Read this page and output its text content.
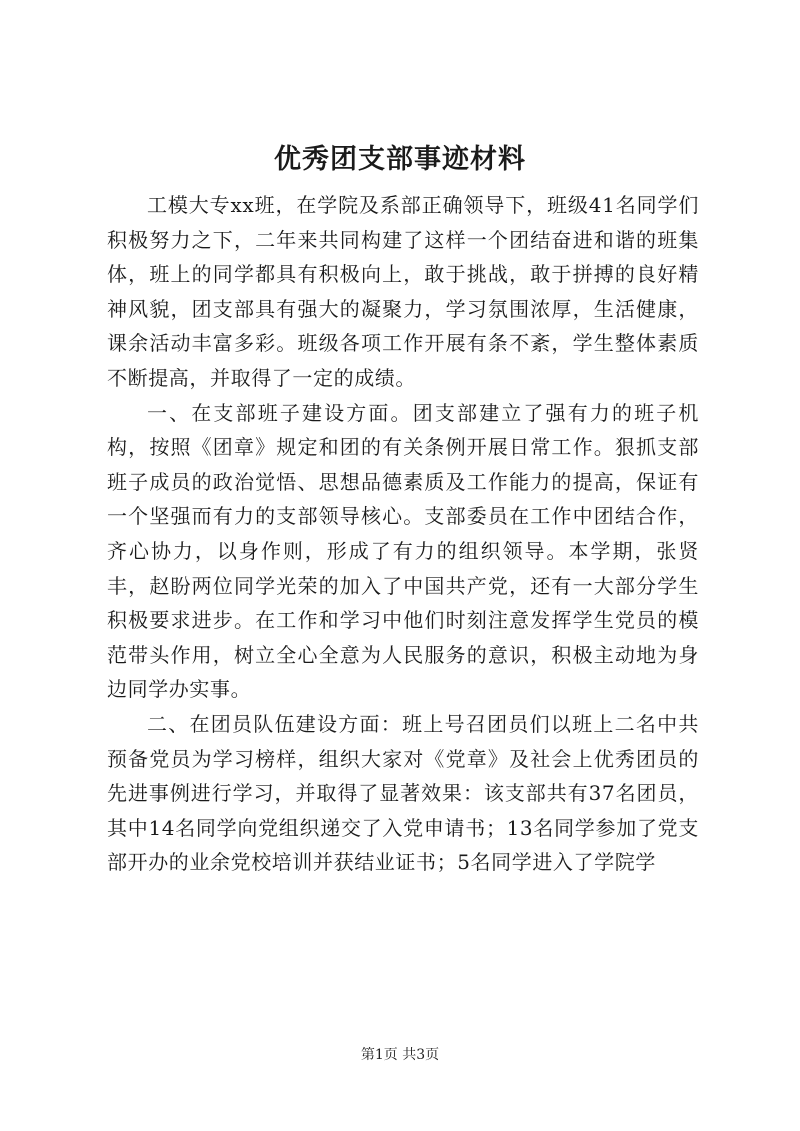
优秀团支部事迹材料

工模大专xx班，在学院及系部正确领导下，班级41名同学们积极努力之下，二年来共同构建了这样一个团结奋进和谐的班集体，班上的同学都具有积极向上，敢于挑战，敢于拼搏的良好精神风貌，团支部具有强大的凝聚力，学习氛围浓厚，生活健康，课余活动丰富多彩。班级各项工作开展有条不紊，学生整体素质不断提高，并取得了一定的成绩。

一、在支部班子建设方面。团支部建立了强有力的班子机构，按照《团章》规定和团的有关条例开展日常工作。狠抓支部班子成员的政治觉悟、思想品德素质及工作能力的提高，保证有一个坚强而有力的支部领导核心。支部委员在工作中团结合作，齐心协力，以身作则，形成了有力的组织领导。本学期，张贤丰，赵盼两位同学光荣的加入了中国共产党，还有一大部分学生积极要求进步。在工作和学习中他们时刻注意发挥学生党员的模范带头作用，树立全心全意为人民服务的意识，积极主动地为身边同学办实事。

二、在团员队伍建设方面：班上号召团员们以班上二名中共预备党员为学习榜样，组织大家对《党章》及社会上优秀团员的先进事例进行学习，并取得了显著效果：该支部共有37名团员，其中14名同学向党组织递交了入党申请书；13名同学参加了党支部开办的业余党校培训并获结业证书；5名同学进入了学院学

第1页 共3页
